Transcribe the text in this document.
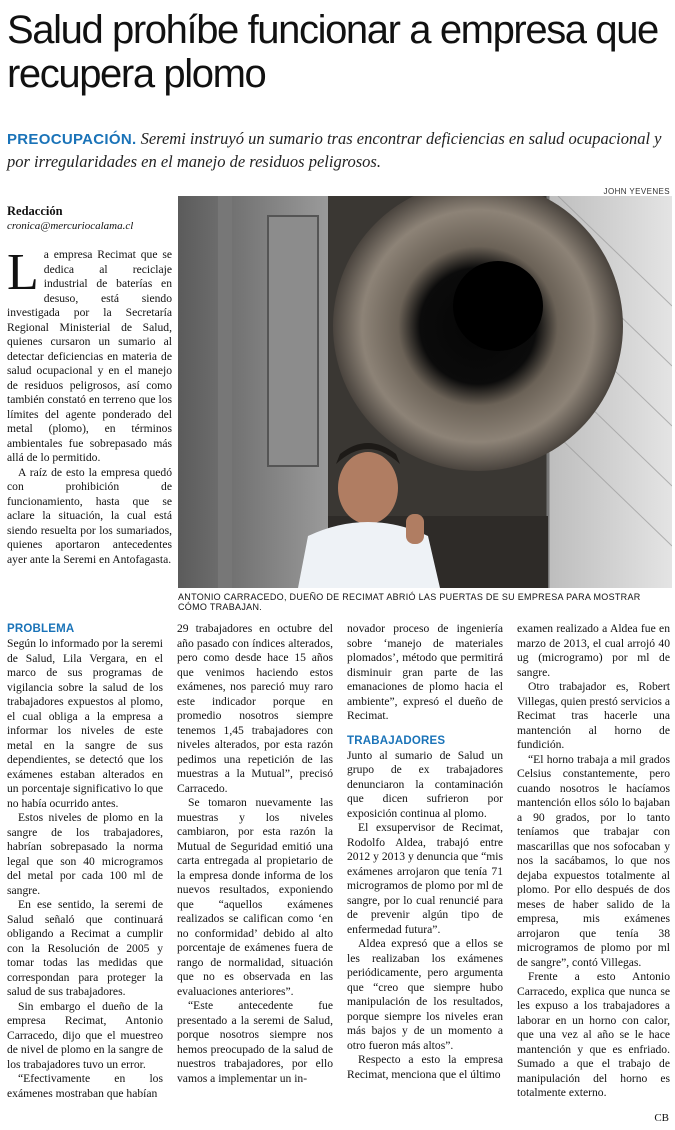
Salud prohíbe funcionar a empresa que recupera plomo

PREOCUPACIÓN. Seremi instruyó un sumario tras encontrar deficiencias en salud ocupacional y por irregularidades en el manejo de residuos peligrosos.

JOHN YEVENES
Redacción
cronica@mercuriocalama.cl
L a empresa Recimat que se dedica al reciclaje industrial de baterías en desuso, está siendo investigada por la Secretaría Regional Ministerial de Salud, quienes cursaron un sumario al detectar deficiencias en materia de salud ocupacional y en el manejo de residuos peligrosos, así como también constató en terreno que los límites del agente ponderado del metal (plomo), en términos ambientales fue sobrepasado más allá de lo permitido.

A raíz de esto la empresa quedó con prohibición de funcionamiento, hasta que se aclare la situación, la cual está siendo resuelta por los sumariados, quienes aportaron antecedentes ayer ante la Seremi en Antofagasta.

ANTONIO CARRACEDO, DUEÑO DE RECIMAT ABRIÓ LAS PUERTAS DE SU EMPRESA PARA MOSTRAR CÓMO TRABAJAN.
PROBLEMA

Según lo informado por la seremi de Salud, Lila Vergara, en el marco de sus programas de vigilancia sobre la salud de los trabajadores expuestos al plomo, el cual obliga a la empresa a informar los niveles de este metal en la sangre de sus dependientes, se detectó que los exámenes estaban alterados en un porcentaje significativo lo que no había ocurrido antes.

Estos niveles de plomo en la sangre de los trabajadores, habrían sobrepasado la norma legal que son 40 microgramos del metal por cada 100 ml de sangre.

En ese sentido, la seremi de Salud señaló que continuará obligando a Recimat a cumplir con la Resolución de 2005 y tomar todas las medidas que correspondan para proteger la salud de sus trabajadores.

Sin embargo el dueño de la empresa Recimat, Antonio Carracedo, dijo que el muestreo de nivel de plomo en la sangre de los trabajadores tuvo un error.

“Efectivamente en los exámenes mostraban que habían

29 trabajadores en octubre del año pasado con índices alterados, pero como desde hace 15 años que venimos haciendo estos exámenes, nos pareció muy raro este indicador porque en promedio nosotros siempre tenemos 1,45 trabajadores con niveles alterados, por esta razón pedimos una repetición de las muestras a la Mutual”, precisó Carracedo.

Se tomaron nuevamente las muestras y los niveles cambiaron, por esta razón la Mutual de Seguridad emitió una carta entregada al propietario de la empresa donde informa de los nuevos resultados, exponiendo que “aquellos exámenes realizados se califican como ‘en no conformidad’ debido al alto porcentaje de exámenes fuera de rango de normalidad, situación que no es observada en las evaluaciones anteriores”.

“Este antecedente fue presentado a la seremi de Salud, porque nosotros siempre nos hemos preocupado de la salud de nuestros trabajadores, por ello vamos a implementar un in-

novador proceso de ingeniería sobre ‘manejo de materiales plomados’, método que permitirá disminuir gran parte de las emanaciones de plomo hacia el ambiente”, expresó el dueño de Recimat.

TRABAJADORES

Junto al sumario de Salud un grupo de ex trabajadores denunciaron la contaminación que dicen sufrieron por exposición continua al plomo.

El exsupervisor de Recimat, Rodolfo Aldea, trabajó entre 2012 y 2013 y denuncia que “mis exámenes arrojaron que tenía 71 microgramos de plomo por ml de sangre, por lo cual renuncié para de prevenir algún tipo de enfermedad futura”.

Aldea expresó que a ellos se les realizaban los exámenes periódicamente, pero argumenta que “creo que siempre hubo manipulación de los resultados, porque siempre los niveles eran más bajos y de un momento a otro fueron más altos”.

Respecto a esto la empresa Recimat, menciona que el último

examen realizado a Aldea fue en marzo de 2013, el cual arrojó 40 ug (microgramo) por ml de sangre.

Otro trabajador es, Robert Villegas, quien prestó servicios a Recimat tras hacerle una mantención al horno de fundición.

“El horno trabaja a mil grados Celsius constantemente, pero cuando nosotros le hacíamos mantención ellos sólo lo bajaban a 90 grados, por lo tanto teníamos que trabajar con mascarillas que nos sofocaban y nos la sacábamos, lo que nos dejaba expuestos totalmente al plomo. Por ello después de dos meses de haber salido de la empresa, mis exámenes arrojaron que tenía 38 microgramos de plomo por ml de sangre”, contó Villegas.

Frente a esto Antonio Carracedo, explica que nunca se les expuso a los trabajadores a laborar en un horno con calor, que una vez al año se le hace mantención y que es enfriado. Sumado a que el trabajo de manipulación del horno es totalmente externo.

CB
